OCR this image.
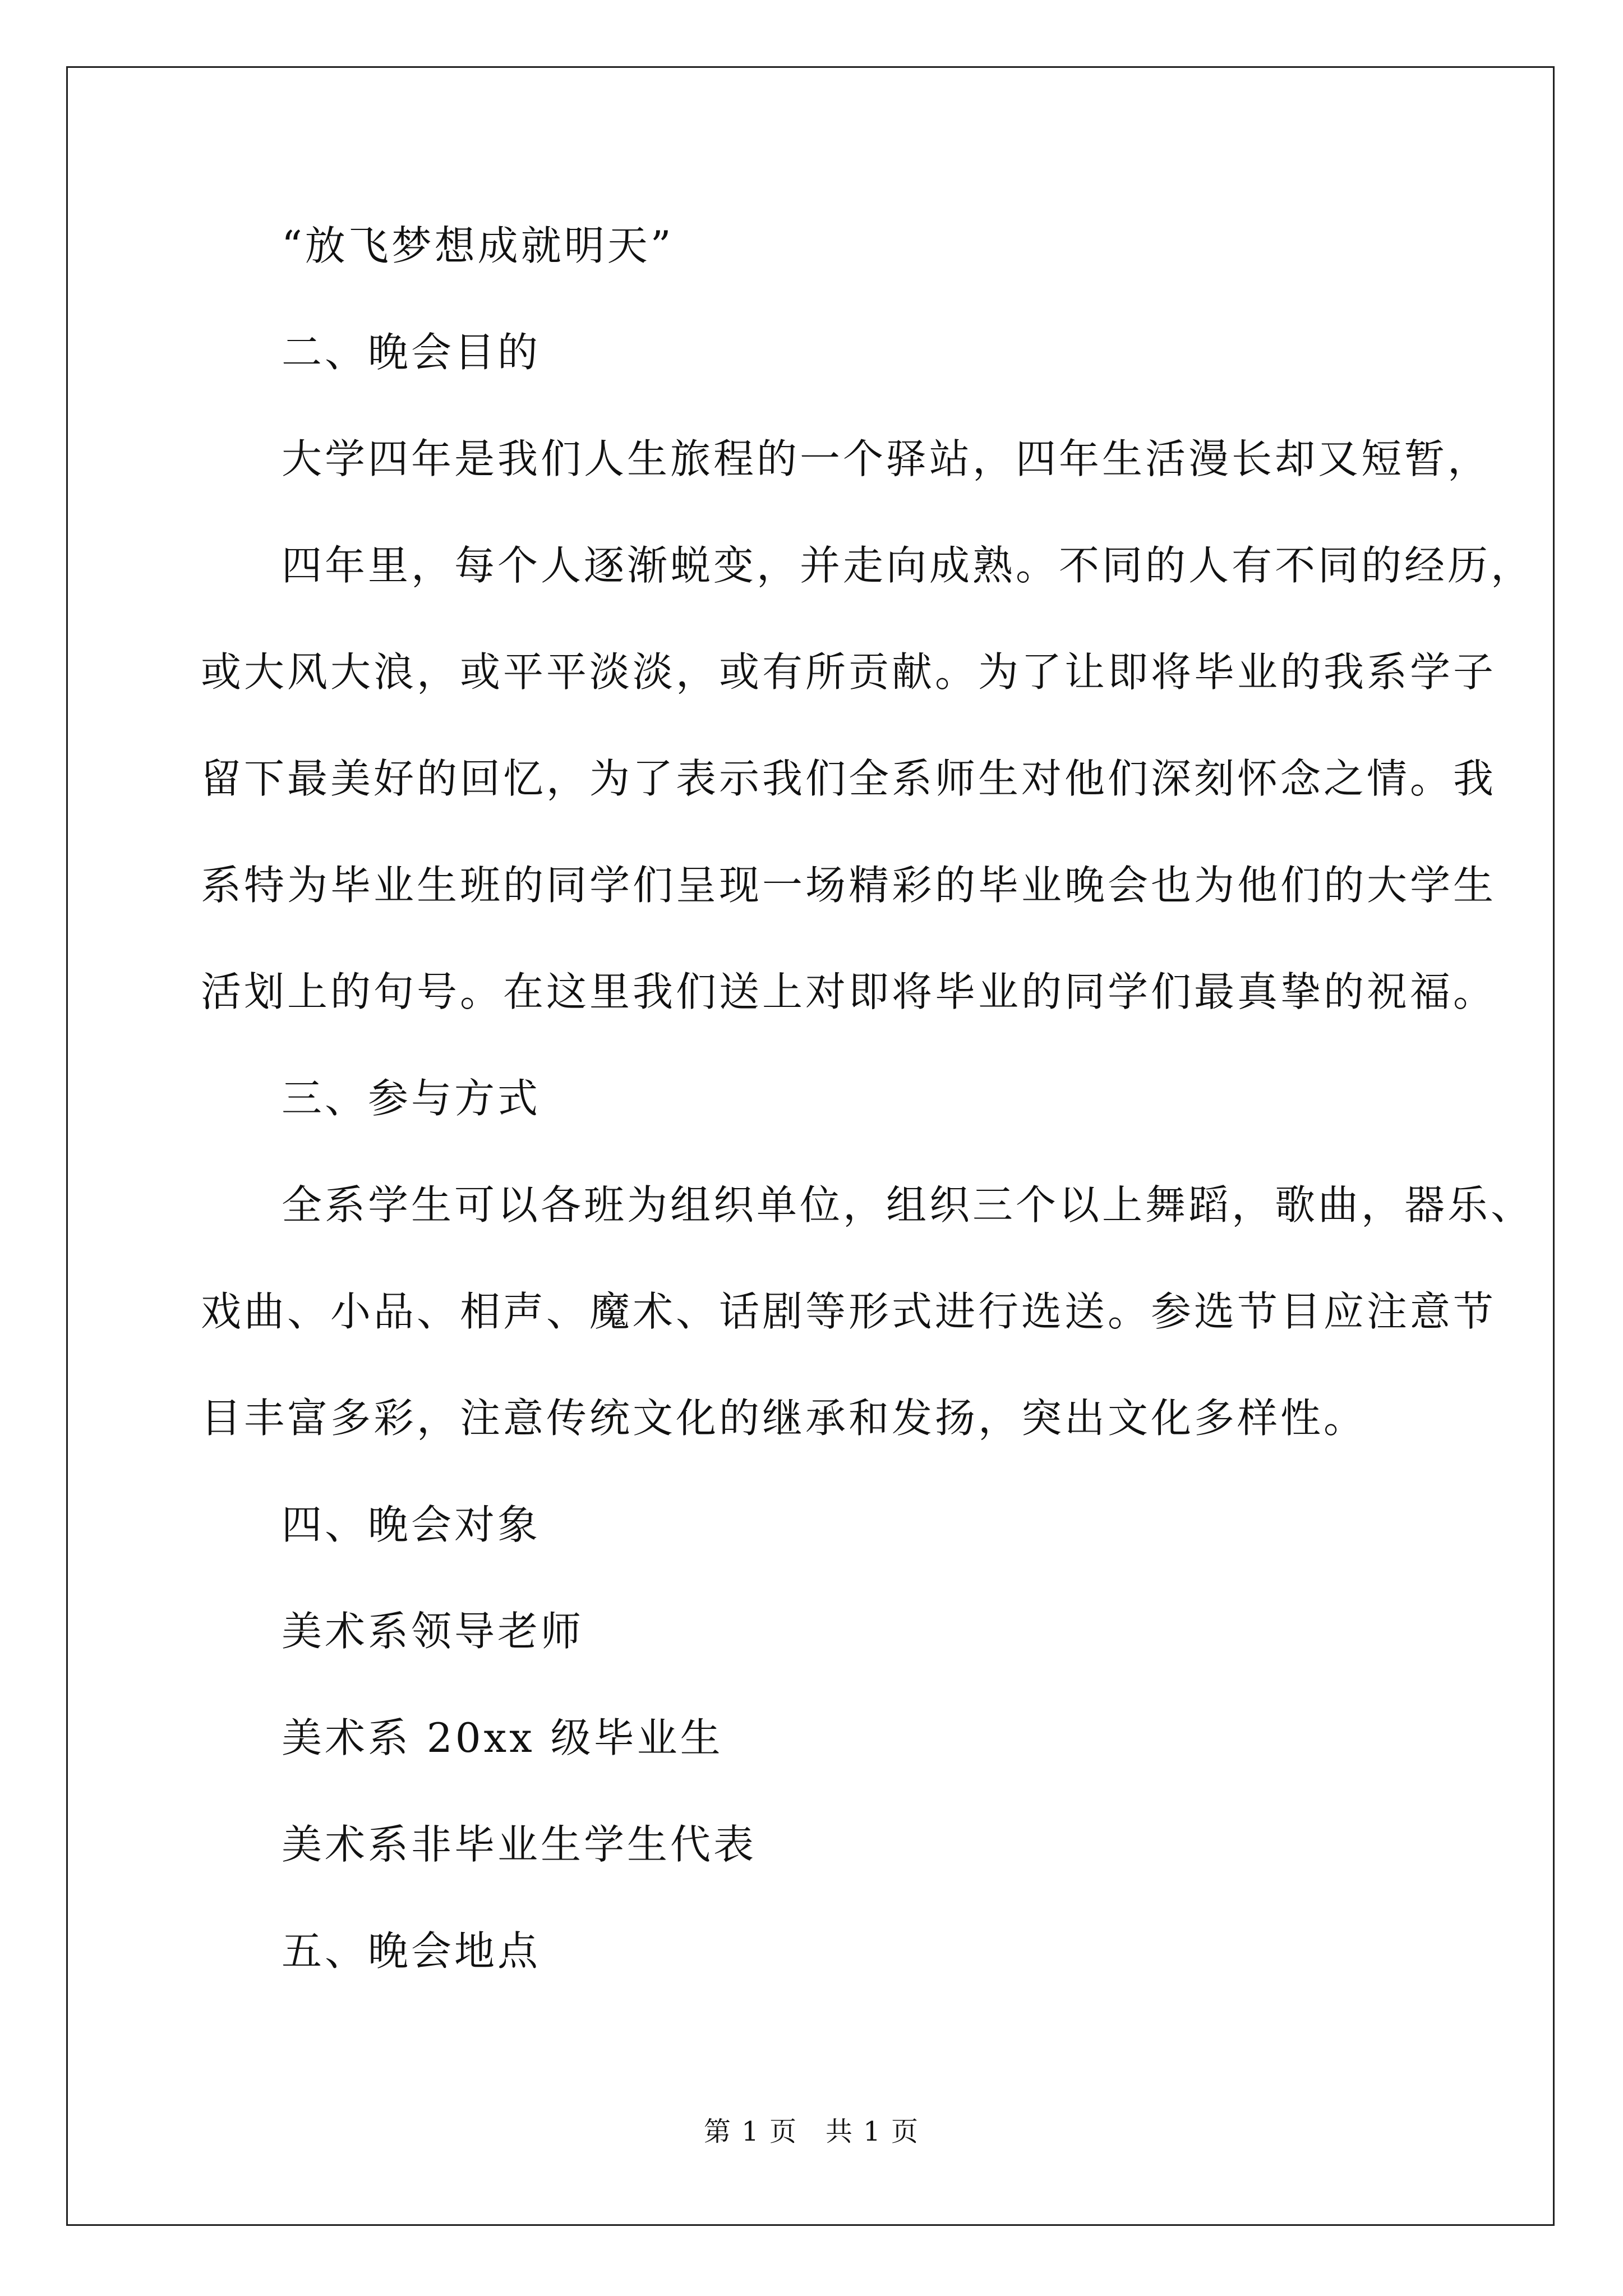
“放飞梦想成就明天”

二、晚会目的

大学四年是我们人生旅程的一个驿站，四年生活漫长却又短暂，

四年里，每个人逐渐蜕变，并走向成熟。不同的人有不同的经历，

或大风大浪，或平平淡淡，或有所贡献。为了让即将毕业的我系学子

留下最美好的回忆，为了表示我们全系师生对他们深刻怀念之情。我

系特为毕业生班的同学们呈现一场精彩的毕业晚会也为他们的大学生

活划上的句号。在这里我们送上对即将毕业的同学们最真挚的祝福。

三、参与方式

全系学生可以各班为组织单位，组织三个以上舞蹈，歌曲，器乐、

戏曲、小品、相声、魔术、话剧等形式进行选送。参选节目应注意节

目丰富多彩，注意传统文化的继承和发扬，突出文化多样性。

四、晚会对象

美术系领导老师

美术系 20xx 级毕业生

美术系非毕业生学生代表

五、晚会地点

第 1 页　共 1 页
